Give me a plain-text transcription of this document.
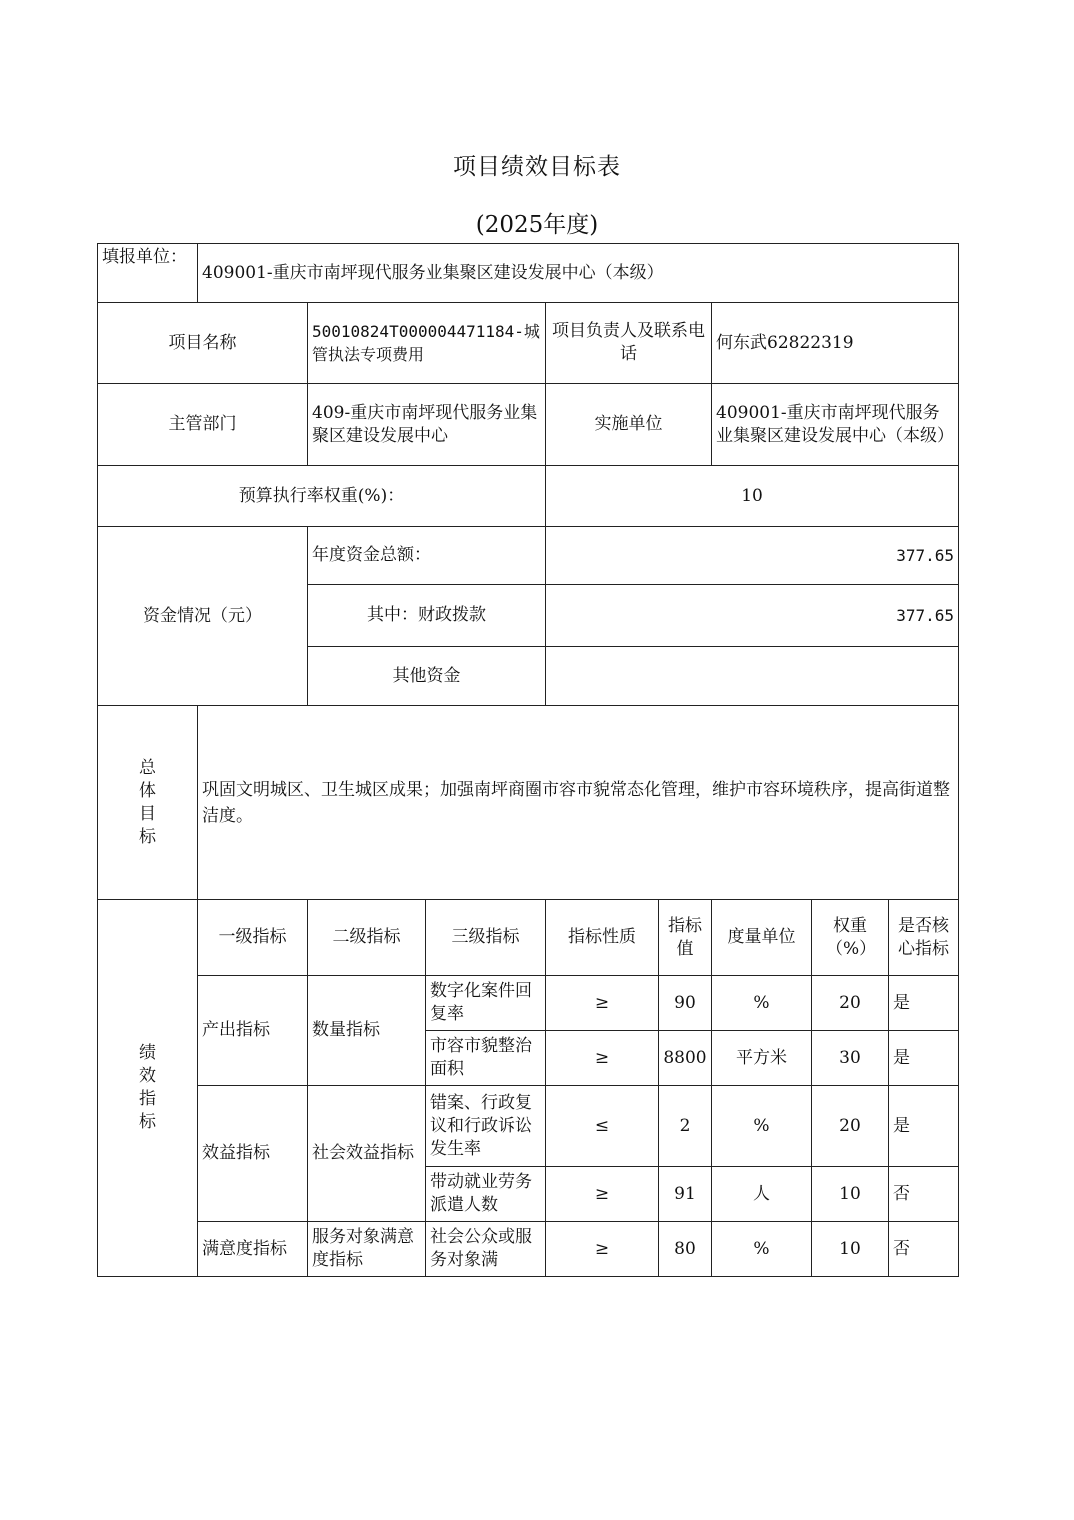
项目绩效目标表
(2025年度)
填报单位：	409001-重庆市南坪现代服务业集聚区建设发展中心（本级）							
项目名称		50010824T000004471184-城管执法专项费用		项目负责人及联系电话		何东武62822319		
主管部门		409-重庆市南坪现代服务业集聚区建设发展中心		实施单位		409001-重庆市南坪现代服务业集聚区建设发展中心（本级）		
预算执行率权重(%)：				10				
资金情况（元）		年度资金总额：		377.65				
		其中：财政拨款		377.65				
		其他资金						

总
体
目
标	巩固文明城区、卫生城区成果；加强南坪商圈市容市貌常态化管理，维护市容环境秩序，提高街道整洁度。							

绩
效
指
标	一级指标	二级指标	三级指标	指标性质	指标值	度量单位	权重（%）	是否核心指标
	产出指标	数量指标	数字化案件回复率	≥	90	%	20	是
			市容市貌整治面积	≥	8800	平方米	30	是
	效益指标	社会效益指标	错案、行政复议和行政诉讼发生率	≤	2	%	20	是
			带动就业劳务派遣人数	≥	91	人	10	否
	满意度指标	服务对象满意度指标	社会公众或服务对象满	≥	80	%	10	否
